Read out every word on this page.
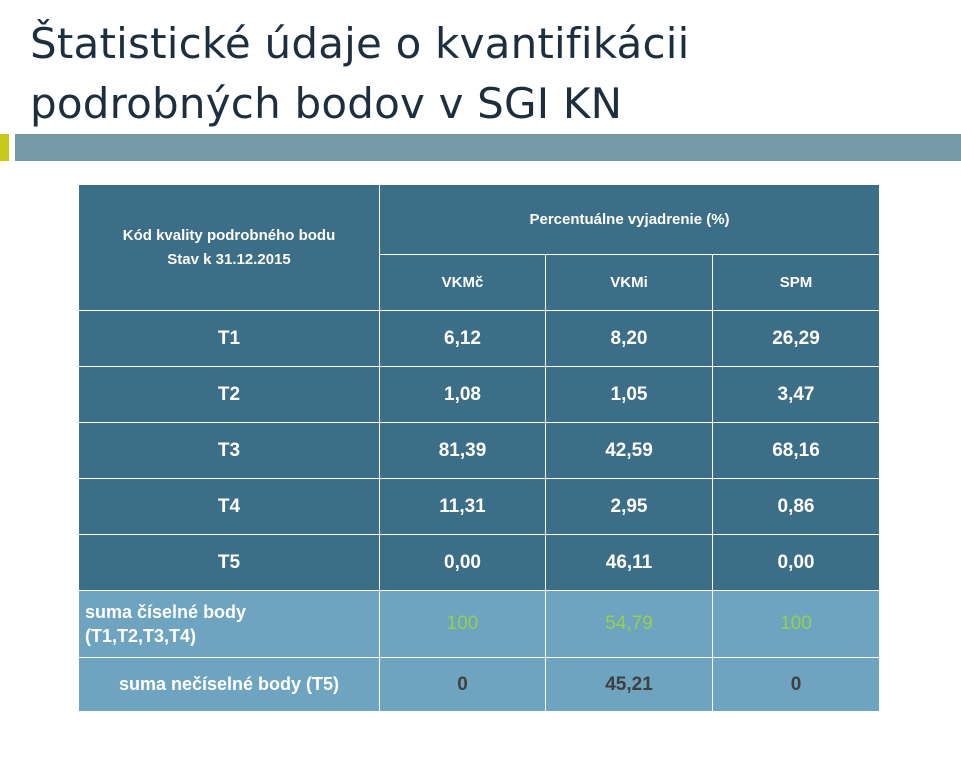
Štatistické údaje o kvantifikácii podrobných bodov v SGI KN
Kód kvality podrobného bodu
Stav k 31.12.2015	Percentuálne vyjadrenie (%)		
	VKMč	VKMi	SPM
T1	6,12	8,20	26,29
T2	1,08	1,05	3,47
T3	81,39	42,59	68,16
T4	11,31	2,95	0,86
T5	0,00	46,11	0,00
suma číselné body
(T1,T2,T3,T4)	100	54,79	100
suma nečíselné body (T5)	0	45,21	0
